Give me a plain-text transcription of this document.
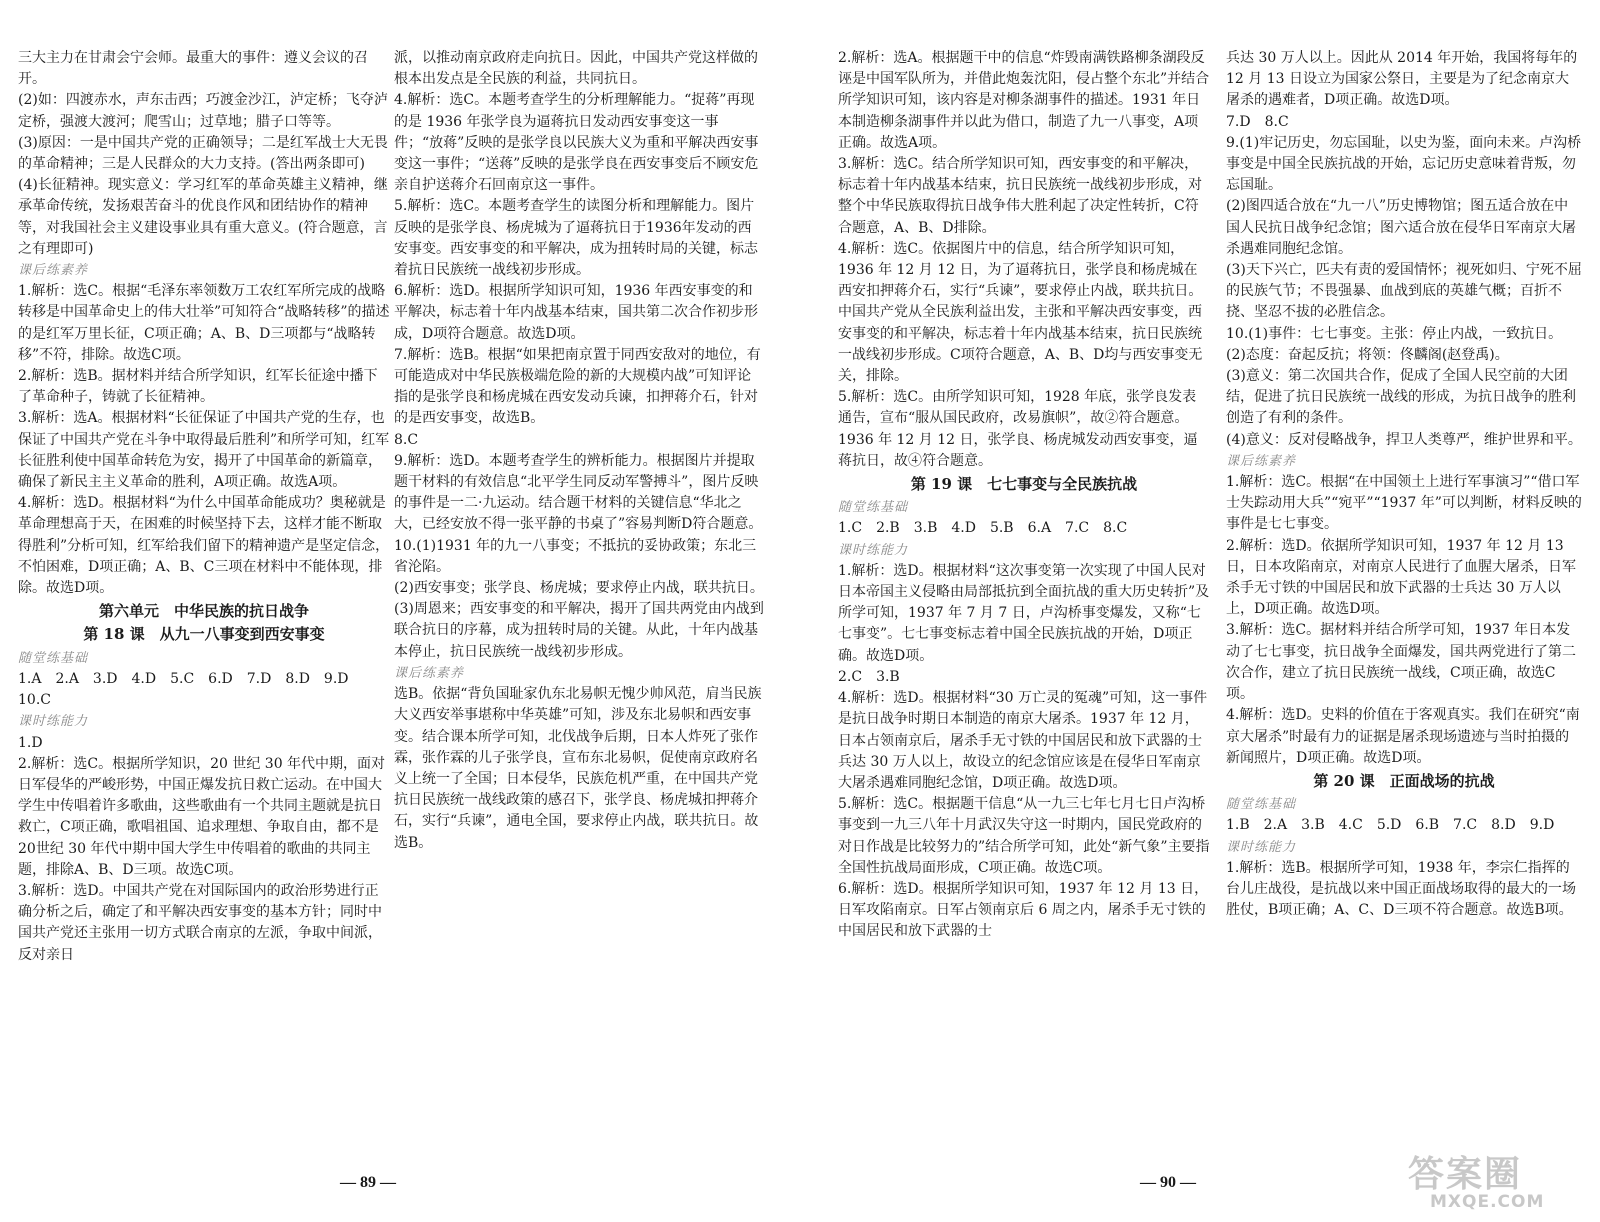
三大主力在甘肃会宁会师。最重大的事件：遵义会议的召开。
(2)如：四渡赤水，声东击西；巧渡金沙江，泸定桥；飞夺泸定桥，强渡大渡河；爬雪山；过草地；腊子口等等。
(3)原因：一是中国共产党的正确领导；二是红军战士大无畏的革命精神；三是人民群众的大力支持。(答出两条即可)
(4)长征精神。现实意义：学习红军的革命英雄主义精神，继承革命传统，发扬艰苦奋斗的优良作风和团结协作的精神等，对我国社会主义建设事业具有重大意义。(符合题意，言之有理即可)
课后练素养
1.解析：选C。根据“毛泽东率领数万工农红军所完成的战略转移是中国革命史上的伟大壮举”可知符合“战略转移”的描述的是红军万里长征，C项正确；A、B、D三项都与“战略转移”不符，排除。故选C项。
2.解析：选B。据材料并结合所学知识，红军长征途中播下了革命种子，铸就了长征精神。
3.解析：选A。根据材料“长征保证了中国共产党的生存，也保证了中国共产党在斗争中取得最后胜利”和所学可知，红军长征胜利使中国革命转危为安，揭开了中国革命的新篇章，确保了新民主主义革命的胜利，A项正确。故选A项。
4.解析：选D。根据材料“为什么中国革命能成功？奥秘就是革命理想高于天，在困难的时候坚持下去，这样才能不断取得胜利”分析可知，红军给我们留下的精神遗产是坚定信念，不怕困难，D项正确；A、B、C三项在材料中不能体现，排除。故选D项。
第六单元　中华民族的抗日战争
第 18 课　从九一八事变到西安事变
随堂练基础
1.A　2.A　3.D　4.D　5.C　6.D　7.D　8.D　9.D　10.C
课时练能力
1.D
2.解析：选C。根据所学知识，20 世纪 30 年代中期，面对日军侵华的严峻形势，中国正爆发抗日救亡运动。在中国大学生中传唱着许多歌曲，这些歌曲有一个共同主题就是抗日救亡，C项正确，歌唱祖国、追求理想、争取自由，都不是20世纪 30 年代中期中国大学生中传唱着的歌曲的共同主题，排除A、B、D三项。故选C项。
3.解析：选D。中国共产党在对国际国内的政治形势进行正确分析之后，确定了和平解决西安事变的基本方针；同时中国共产党还主张用一切方式联合南京的左派，争取中间派，反对亲日
派，以推动南京政府走向抗日。因此，中国共产党这样做的根本出发点是全民族的利益，共同抗日。
4.解析：选C。本题考查学生的分析理解能力。“捉蒋”再现的是 1936 年张学良为逼蒋抗日发动西安事变这一事件；“放蒋”反映的是张学良以民族大义为重和平解决西安事变这一事件；“送蒋”反映的是张学良在西安事变后不顾安危亲自护送蒋介石回南京这一事件。
5.解析：选C。本题考查学生的读图分析和理解能力。图片反映的是张学良、杨虎城为了逼蒋抗日于1936年发动的西安事变。西安事变的和平解决，成为扭转时局的关键，标志着抗日民族统一战线初步形成。
6.解析：选D。根据所学知识可知，1936 年西安事变的和平解决，标志着十年内战基本结束，国共第二次合作初步形成，D项符合题意。故选D项。
7.解析：选B。根据“如果把南京置于同西安敌对的地位，有可能造成对中华民族极端危险的新的大规模内战”可知评论指的是张学良和杨虎城在西安发动兵谏，扣押蒋介石，针对的是西安事变，故选B。
8.C
9.解析：选D。本题考查学生的辨析能力。根据图片并提取题干材料的有效信息“北平学生同反动军警搏斗”，图片反映的事件是一二·九运动。结合题干材料的关键信息“华北之大，已经安放不得一张平静的书桌了”容易判断D符合题意。
10.(1)1931 年的九一八事变；不抵抗的妥协政策；东北三省沦陷。
(2)西安事变；张学良、杨虎城；要求停止内战，联共抗日。
(3)周恩来；西安事变的和平解决，揭开了国共两党由内战到联合抗日的序幕，成为扭转时局的关键。从此，十年内战基本停止，抗日民族统一战线初步形成。
课后练素养
选B。依据“背负国耻家仇东北易帜无愧少帅风范，肩当民族大义西安举事堪称中华英雄”可知，涉及东北易帜和西安事变。结合课本所学可知，北伐战争后期，日本人炸死了张作霖，张作霖的儿子张学良，宣布东北易帜，促使南京政府名义上统一了全国；日本侵华，民族危机严重，在中国共产党抗日民族统一战线政策的感召下，张学良、杨虎城扣押蒋介石，实行“兵谏”，通电全国，要求停止内战，联共抗日。故选B。
2.解析：选A。根据题干中的信息“炸毁南满铁路柳条湖段反诬是中国军队所为，并借此炮轰沈阳，侵占整个东北”并结合所学知识可知，该内容是对柳条湖事件的描述。1931 年日本制造柳条湖事件并以此为借口，制造了九一八事变，A项正确。故选A项。
3.解析：选C。结合所学知识可知，西安事变的和平解决，标志着十年内战基本结束，抗日民族统一战线初步形成，对整个中华民族取得抗日战争伟大胜利起了决定性转折，C符合题意，A、B、D排除。
4.解析：选C。依据图片中的信息，结合所学知识可知，1936 年 12 月 12 日，为了逼蒋抗日，张学良和杨虎城在西安扣押蒋介石，实行“兵谏”，要求停止内战，联共抗日。中国共产党从全民族利益出发，主张和平解决西安事变，西安事变的和平解决，标志着十年内战基本结束，抗日民族统一战线初步形成。C项符合题意，A、B、D均与西安事变无关，排除。
5.解析：选C。由所学知识可知，1928 年底，张学良发表通告，宣布“服从国民政府，改易旗帜”，故②符合题意。1936 年 12 月 12 日，张学良、杨虎城发动西安事变，逼蒋抗日，故④符合题意。
第 19 课　七七事变与全民族抗战
随堂练基础
1.C　2.B　3.B　4.D　5.B　6.A　7.C　8.C
课时练能力
1.解析：选D。根据材料“这次事变第一次实现了中国人民对日本帝国主义侵略由局部抵抗到全面抗战的重大历史转折”及所学可知，1937 年 7 月 7 日，卢沟桥事变爆发，又称“七七事变”。七七事变标志着中国全民族抗战的开始，D项正确。故选D项。
2.C　3.B
4.解析：选D。根据材料“30 万亡灵的冤魂”可知，这一事件是抗日战争时期日本制造的南京大屠杀。1937 年 12 月，日本占领南京后，屠杀手无寸铁的中国居民和放下武器的士兵达 30 万人以上，故设立的纪念馆应该是在侵华日军南京大屠杀遇难同胞纪念馆，D项正确。故选D项。
5.解析：选C。根据题干信息“从一九三七年七月七日卢沟桥事变到一九三八年十月武汉失守这一时期内，国民党政府的对日作战是比较努力的”结合所学可知，此处“新气象”主要指全国性抗战局面形成，C项正确。故选C项。
6.解析：选D。根据所学知识可知，1937 年 12 月 13 日，日军攻陷南京。日军占领南京后 6 周之内，屠杀手无寸铁的中国居民和放下武器的士
兵达 30 万人以上。因此从 2014 年开始，我国将每年的 12 月 13 日设立为国家公祭日，主要是为了纪念南京大屠杀的遇难者，D项正确。故选D项。
7.D　8.C
9.(1)牢记历史，勿忘国耻，以史为鉴，面向未来。卢沟桥事变是中国全民族抗战的开始，忘记历史意味着背叛，勿忘国耻。
(2)图四适合放在“九一八”历史博物馆；图五适合放在中国人民抗日战争纪念馆；图六适合放在侵华日军南京大屠杀遇难同胞纪念馆。
(3)天下兴亡，匹夫有责的爱国情怀；视死如归、宁死不屈的民族气节；不畏强暴、血战到底的英雄气概；百折不挠、坚忍不拔的必胜信念。
10.(1)事件：七七事变。主张：停止内战，一致抗日。
(2)态度：奋起反抗；将领：佟麟阁(赵登禹)。
(3)意义：第二次国共合作，促成了全国人民空前的大团结，促进了抗日民族统一战线的形成，为抗日战争的胜利创造了有利的条件。
(4)意义：反对侵略战争，捍卫人类尊严，维护世界和平。
课后练素养
1.解析：选C。根据“在中国领土上进行军事演习”“借口军士失踪动用大兵”“宛平”“1937 年”可以判断，材料反映的事件是七七事变。
2.解析：选D。依据所学知识可知，1937 年 12 月 13 日，日本攻陷南京，对南京人民进行了血腥大屠杀，日军杀手无寸铁的中国居民和放下武器的士兵达 30 万人以上，D项正确。故选D项。
3.解析：选C。据材料并结合所学可知，1937 年日本发动了七七事变，抗日战争全面爆发，国共两党进行了第二次合作，建立了抗日民族统一战线，C项正确，故选C项。
4.解析：选D。史料的价值在于客观真实。我们在研究“南京大屠杀”时最有力的证据是屠杀现场遗迹与当时拍摄的新闻照片，D项正确。故选D项。
第 20 课　正面战场的抗战
随堂练基础
1.B　2.A　3.B　4.C　5.D　6.B　7.C　8.D　9.D
课时练能力
1.解析：选B。根据所学可知，1938 年，李宗仁指挥的台儿庄战役，是抗战以来中国正面战场取得的最大的一场胜仗，B项正确；A、C、D三项不符合题意。故选B项。
— 89 —	— 90 —	答案圈
MXQE.COM
